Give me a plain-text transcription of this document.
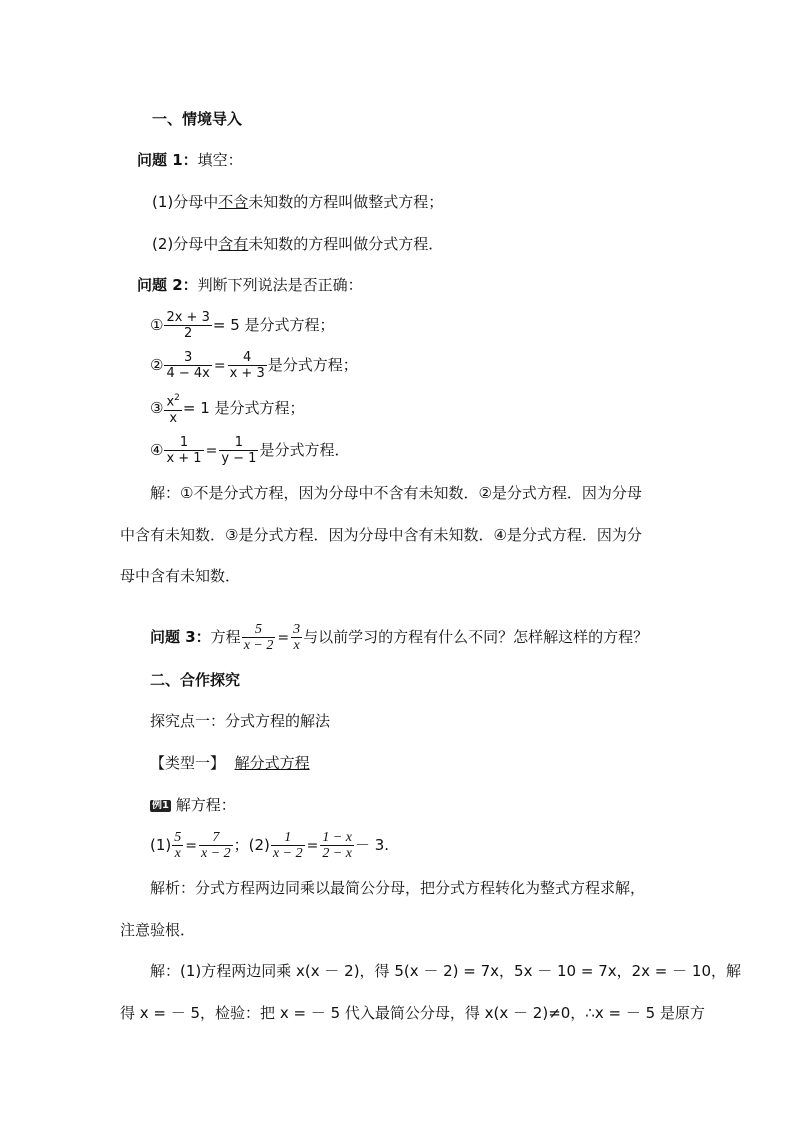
一、情境导入
问题 1：填空：
(1)分母中不含未知数的方程叫做整式方程；
(2)分母中含有未知数的方程叫做分式方程．
问题 2：判断下列说法是否正确：
① $\frac{2x + 3}{2} = 5$ 是分式方程；
② $\frac{3}{4 - 4x} = \frac{4}{x + 3}$ 是分式方程；
③ $\frac{x^2}{x} = 1$ 是分式方程；
④ $\frac{1}{x + 1} = \frac{1}{y - 1}$ 是分式方程．
解：①不是分式方程，因为分母中不含有未知数．②是分式方程．因为分母
中含有未知数．③是分式方程．因为分母中含有未知数．④是分式方程．因为分
母中含有未知数．
问题 3：方程 $\frac{5}{x - 2} = \frac{3}{x}$ 与以前学习的方程有什么不同？怎样解这样的方程？
二、合作探究
探究点一：分式方程的解法
【类型一】 解分式方程
例1 解方程：
$(1) \frac{5}{x} = \frac{7}{x - 2}$ ；$(2) \frac{1}{x - 2} = \frac{1 - x}{2 - x} - 3$.
解析：分式方程两边同乘以最简公分母，把分式方程转化为整式方程求解，
注意验根．
解：(1)方程两边同乘 x(x － 2)，得 5(x － 2) = 7x，5x － 10 = 7x，2x = － 10，解
得 x = － 5，检验：把 x = － 5 代入最简公分母，得 x(x － 2)≠0，∴x = － 5 是原方
